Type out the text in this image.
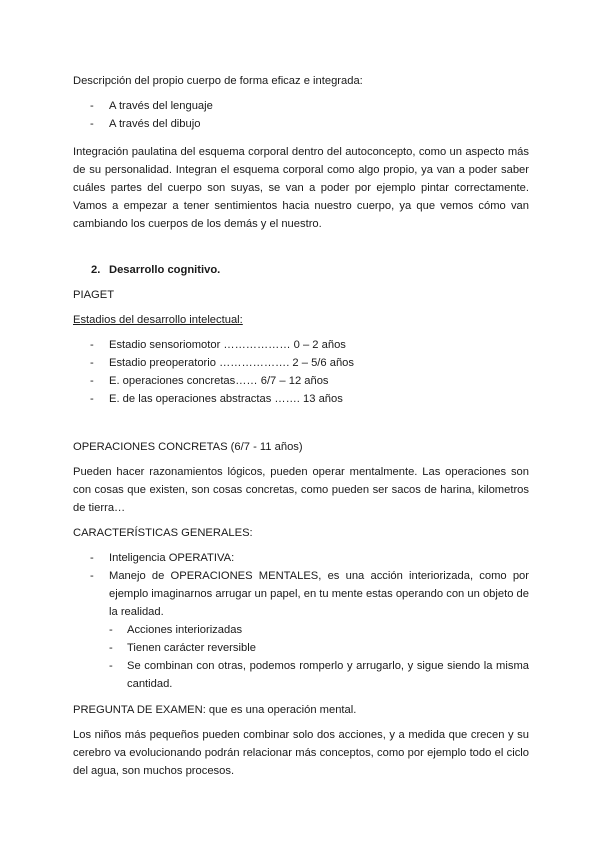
Descripción del propio cuerpo de forma eficaz e integrada:

- A través del lenguaje
- A través del dibujo

Integración paulatina del esquema corporal dentro del autoconcepto, como un aspecto más de su personalidad. Integran el esquema corporal como algo propio, ya van a poder saber cuáles partes del cuerpo son suyas, se van a poder por ejemplo pintar correctamente. Vamos a empezar a tener sentimientos hacia nuestro cuerpo, ya que vemos cómo van cambiando los cuerpos de los demás y el nuestro.

2. Desarrollo cognitivo.

PIAGET

Estadios del desarrollo intelectual:

- Estadio sensoriomotor ……………… 0 – 2 años
- Estadio preoperatorio ………………. 2 – 5/6 años
- E. operaciones concretas…… 6/7 – 12 años
- E. de las operaciones abstractas ……. 13 años

OPERACIONES CONCRETAS (6/7 - 11 años)

Pueden hacer razonamientos lógicos, pueden operar mentalmente. Las operaciones son con cosas que existen, son cosas concretas, como pueden ser sacos de harina, kilometros de tierra…

CARACTERÍSTICAS GENERALES:

- Inteligencia OPERATIVA:
- Manejo de OPERACIONES MENTALES, es una acción interiorizada, como por ejemplo imaginarnos arrugar un papel, en tu mente estas operando con un objeto de la realidad.
- Acciones interiorizadas
- Tienen carácter reversible
- Se combinan con otras, podemos romperlo y arrugarlo, y sigue siendo la misma cantidad.

PREGUNTA DE EXAMEN: que es una operación mental.

Los niños más pequeños pueden combinar solo dos acciones, y a medida que crecen y su cerebro va evolucionando podrán relacionar más conceptos, como por ejemplo todo el ciclo del agua, son muchos procesos.
